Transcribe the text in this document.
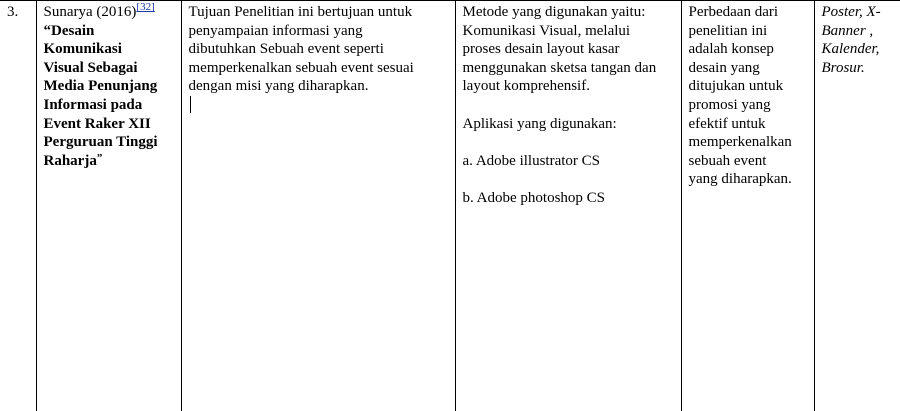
3.	Sunarya (2016)[32]

“Desain
Komunikasi
Visual Sebagai
Media Penunjang
Informasi pada
Event Raker XII
Perguruan Tinggi
Raharja”
	Tujuan Penelitian ini bertujuan untuk
penyampaian informasi yang
dibutuhkan Sebuah event seperti
memperkenalkan sebuah event sesuai
dengan misi yang diharapkan.
	Metode yang digunakan yaitu:
Komunikasi Visual, melalui
proses desain layout kasar
menggunakan sketsa tangan dan
layout komprehensif.
Aplikasi yang digunakan:
a. Adobe illustrator CS
b. Adobe photoshop CS	Perbedaan dari
penelitian ini
adalah konsep
desain yang
ditujukan untuk
promosi yang
efektif untuk
memperkenalkan
sebuah event
yang diharapkan.	Poster, X-
Banner ,
Kalender,
Brosur.
